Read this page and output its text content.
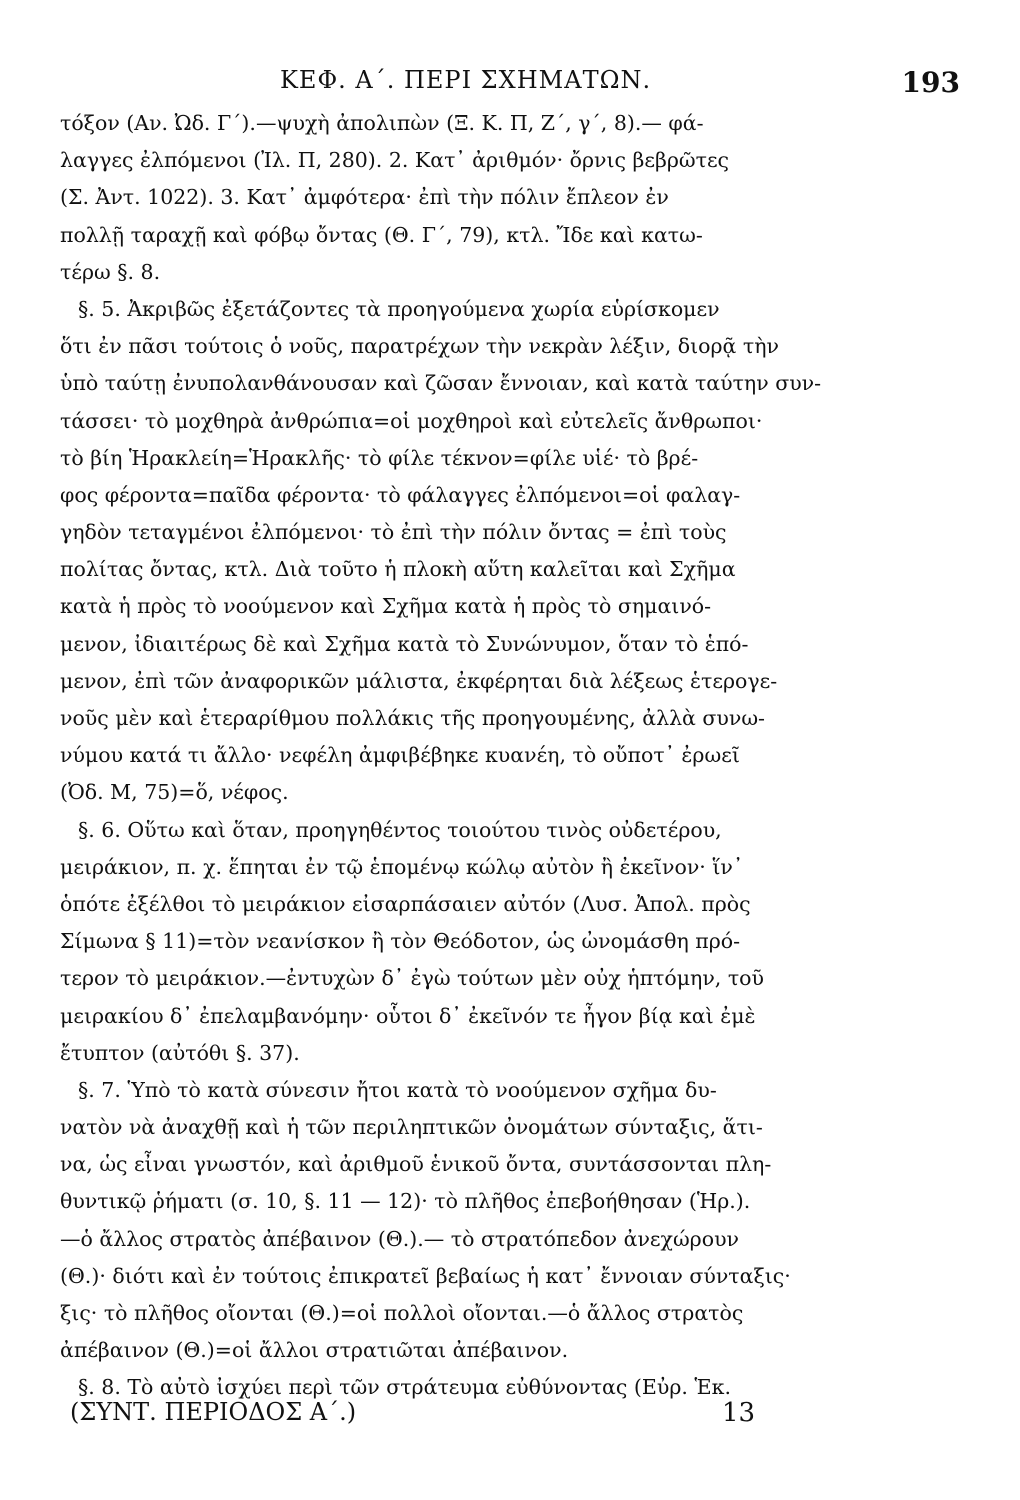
ΚΕΦ. Α΄. ΠΕΡΙ ΣΧΗΜΑΤΩΝ.	193
τόξον (Αν. Ὠδ. Γ΄).—ψυχὴ ἀπολιπὼν (Ξ. Κ. Π, Ζ΄, γ΄, 8).— φά-
λαγγες ἐλπόμενοι (Ἰλ. Π, 280). 2. Κατ᾽ ἀριθμόν· ὄρνις βεβρῶτες
(Σ. Ἀντ. 1022). 3. Κατ᾽ ἀμφότερα· ἐπὶ τὴν πόλιν ἔπλεον ἐν
πολλῇ ταραχῇ καὶ φόβῳ ὄντας (Θ. Γ΄, 79), κτλ. Ἴδε καὶ κατω-
τέρω §. 8.
§. 5. Ἀκριβῶς ἐξετάζοντες τὰ προηγούμενα χωρία εὑρίσκομεν
ὅτι ἐν πᾶσι τούτοις ὁ νοῦς, παρατρέχων τὴν νεκρὰν λέξιν, διορᾷ τὴν
ὑπὸ ταύτῃ ἐνυπολανθάνουσαν καὶ ζῶσαν ἔννοιαν, καὶ κατὰ ταύτην συν-
τάσσει· τὸ μοχθηρὰ ἀνθρώπια=οἱ μοχθηροὶ καὶ εὐτελεῖς ἄνθρωποι·
τὸ βίη Ἡρακλείη=Ἡρακλῆς· τὸ φίλε τέκνον=φίλε υἱέ· τὸ βρέ-
φος φέροντα=παῖδα φέροντα· τὸ φάλαγγες ἐλπόμενοι=οἱ φαλαγ-
γηδὸν τεταγμένοι ἐλπόμενοι· τὸ ἐπὶ τὴν πόλιν ὄντας = ἐπὶ τοὺς
πολίτας ὄντας, κτλ. Διὰ τοῦτο ἡ πλοκὴ αὕτη καλεῖται καὶ Σχῆμα
κατὰ ἡ πρὸς τὸ νοούμενον καὶ Σχῆμα κατὰ ἡ πρὸς τὸ σημαινό-
μενον, ἰδιαιτέρως δὲ καὶ Σχῆμα κατὰ τὸ Συνώνυμον, ὅταν τὸ ἑπό-
μενον, ἐπὶ τῶν ἀναφορικῶν μάλιστα, ἐκφέρηται διὰ λέξεως ἑτερογε-
νοῦς μὲν καὶ ἑτεραρίθμου πολλάκις τῆς προηγουμένης, ἀλλὰ συνω-
νύμου κατά τι ἄλλο· νεφέλη ἀμφιβέβηκε κυανέη, τὸ οὔποτ᾽ ἐρωεῖ
(Ὀδ. Μ, 75)=ὅ, νέφος.
§. 6. Οὕτω καὶ ὅταν, προηγηθέντος τοιούτου τινὸς οὐδετέρου,
μειράκιον, π. χ. ἕπηται ἐν τῷ ἑπομένῳ κώλῳ αὐτὸν ἢ ἐκεῖνον· ἵν᾽
ὁπότε ἐξέλθοι τὸ μειράκιον εἰσαρπάσαιεν αὐτόν (Λυσ. Ἀπολ. πρὸς
Σίμωνα § 11)=τὸν νεανίσκον ἢ τὸν Θεόδοτον, ὡς ὠνομάσθη πρό-
τερον τὸ μειράκιον.—ἐντυχὼν δ᾽ ἐγὼ τούτων μὲν οὐχ ἡπτόμην, τοῦ
μειρακίου δ᾽ ἐπελαμβανόμην· οὗτοι δ᾽ ἐκεῖνόν τε ἦγον βίᾳ καὶ ἐμὲ
ἔτυπτον (αὐτόθι §. 37).
§. 7. Ὑπὸ τὸ κατὰ σύνεσιν ἤτοι κατὰ τὸ νοούμενον σχῆμα δυ-
νατὸν νὰ ἀναχθῇ καὶ ἡ τῶν περιληπτικῶν ὀνομάτων σύνταξις, ἅτι-
να, ὡς εἶναι γνωστόν, καὶ ἀριθμοῦ ἑνικοῦ ὄντα, συντάσσονται πλη-
θυντικῷ ῥήματι (σ. 10, §. 11 — 12)· τὸ πλῆθος ἐπεβοήθησαν (Ἡρ.).
—ὁ ἄλλος στρατὸς ἀπέβαινον (Θ.).— τὸ στρατόπεδον ἀνεχώρουν
(Θ.)· διότι καὶ ἐν τούτοις ἐπικρατεῖ βεβαίως ἡ κατ᾽ ἔννοιαν σύνταξις·
ξις· τὸ πλῆθος οἴονται (Θ.)=οἱ πολλοὶ οἴονται.—ὁ ἄλλος στρατὸς
ἀπέβαινον (Θ.)=οἱ ἄλλοι στρατιῶται ἀπέβαινον.
§. 8. Τὸ αὐτὸ ἰσχύει περὶ τῶν στράτευμα εὐθύνοντας (Εὐρ. Ἑκ.
(ΣΥΝΤ. ΠΕΡΙΟΔΟΣ Α΄.)	13
